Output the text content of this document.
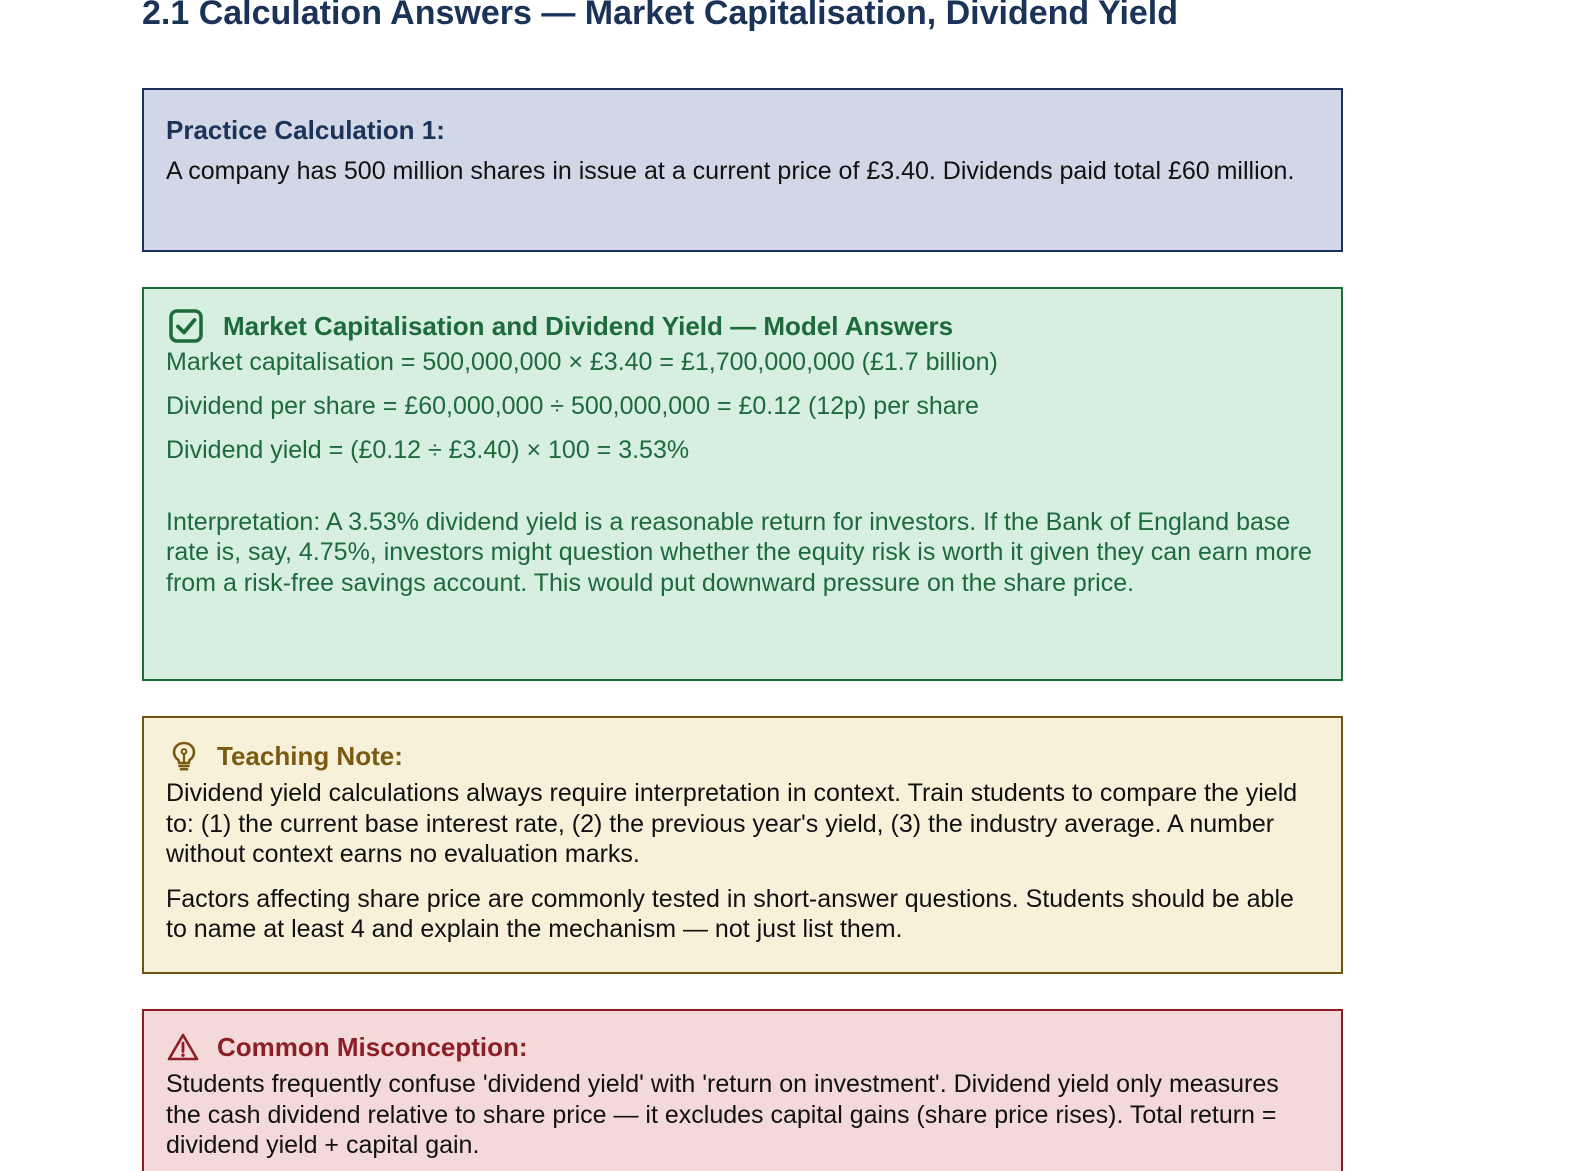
2.1 Calculation Answers — Market Capitalisation, Dividend Yield
Practice Calculation 1:

A company has 500 million shares in issue at a current price of £3.40. Dividends paid total £60 million.

Market Capitalisation and Dividend Yield — Model Answers

Market capitalisation = 500,000,000 × £3.40 = £1,700,000,000 (£1.7 billion)

Dividend per share = £60,000,000 ÷ 500,000,000 = £0.12 (12p) per share

Dividend yield = (£0.12 ÷ £3.40) × 100 = 3.53%

Interpretation: A 3.53% dividend yield is a reasonable return for investors. If the Bank of England base rate is, say, 4.75%, investors might question whether the equity risk is worth it given they can earn more from a risk-free savings account. This would put downward pressure on the share price.

Teaching Note:

Dividend yield calculations always require interpretation in context. Train students to compare the yield to: (1) the current base interest rate, (2) the previous year's yield, (3) the industry average. A number without context earns no evaluation marks.

Factors affecting share price are commonly tested in short-answer questions. Students should be able to name at least 4 and explain the mechanism — not just list them.

Common Misconception:

Students frequently confuse 'dividend yield' with 'return on investment'. Dividend yield only measures the cash dividend relative to share price — it excludes capital gains (share price rises). Total return = dividend yield + capital gain.
